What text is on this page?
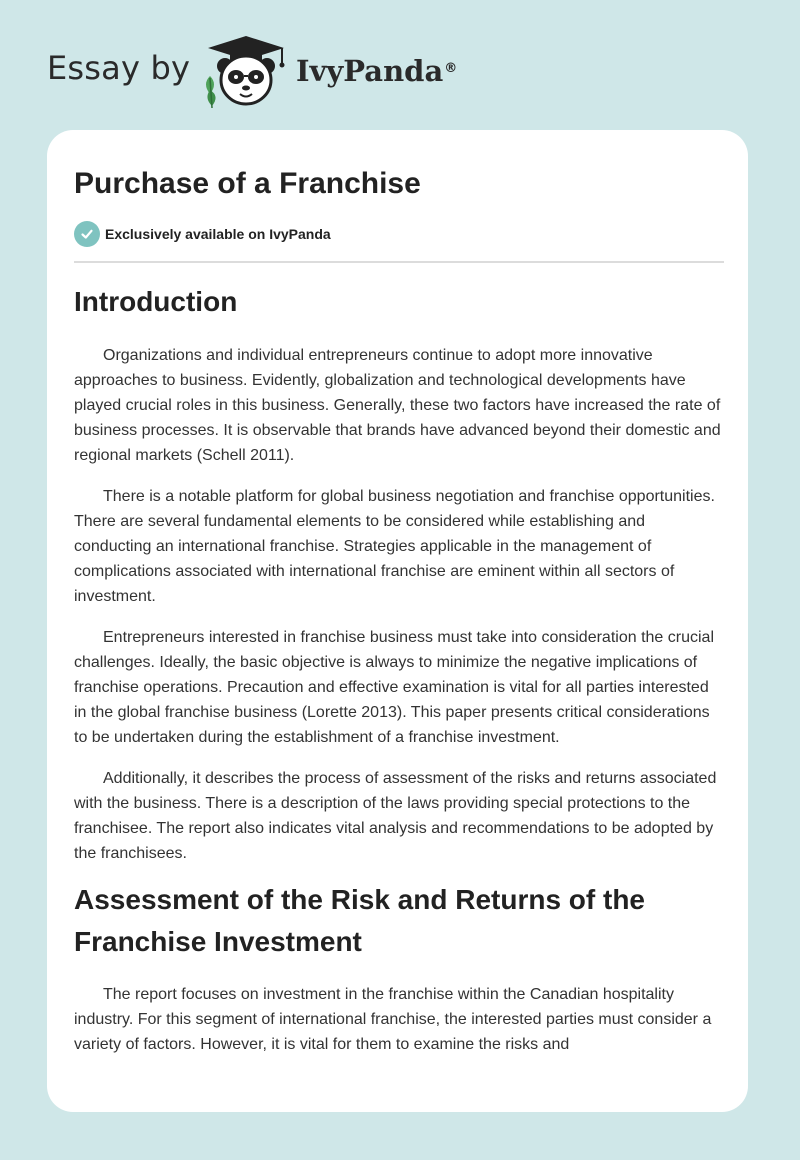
Essay by	IvyPanda®
Purchase of a Franchise
Exclusively available on IvyPanda
Introduction

Organizations and individual entrepreneurs continue to adopt more innovative approaches to business. Evidently, globalization and technological developments have played crucial roles in this business. Generally, these two factors have increased the rate of business processes. It is observable that brands have advanced beyond their domestic and regional markets (Schell 2011).

There is a notable platform for global business negotiation and franchise opportunities. There are several fundamental elements to be considered while establishing and conducting an international franchise. Strategies applicable in the management of complications associated with international franchise are eminent within all sectors of investment.

Entrepreneurs interested in franchise business must take into consideration the crucial challenges. Ideally, the basic objective is always to minimize the negative implications of franchise operations. Precaution and effective examination is vital for all parties interested in the global franchise business (Lorette 2013). This paper presents critical considerations to be undertaken during the establishment of a franchise investment.

Additionally, it describes the process of assessment of the risks and returns associated with the business. There is a description of the laws providing special protections to the franchisee. The report also indicates vital analysis and recommendations to be adopted by the franchisees.

Assessment of the Risk and Returns of the Franchise Investment

The report focuses on investment in the franchise within the Canadian hospitality industry. For this segment of international franchise, the interested parties must consider a variety of factors. However, it is vital for them to examine the risks and
